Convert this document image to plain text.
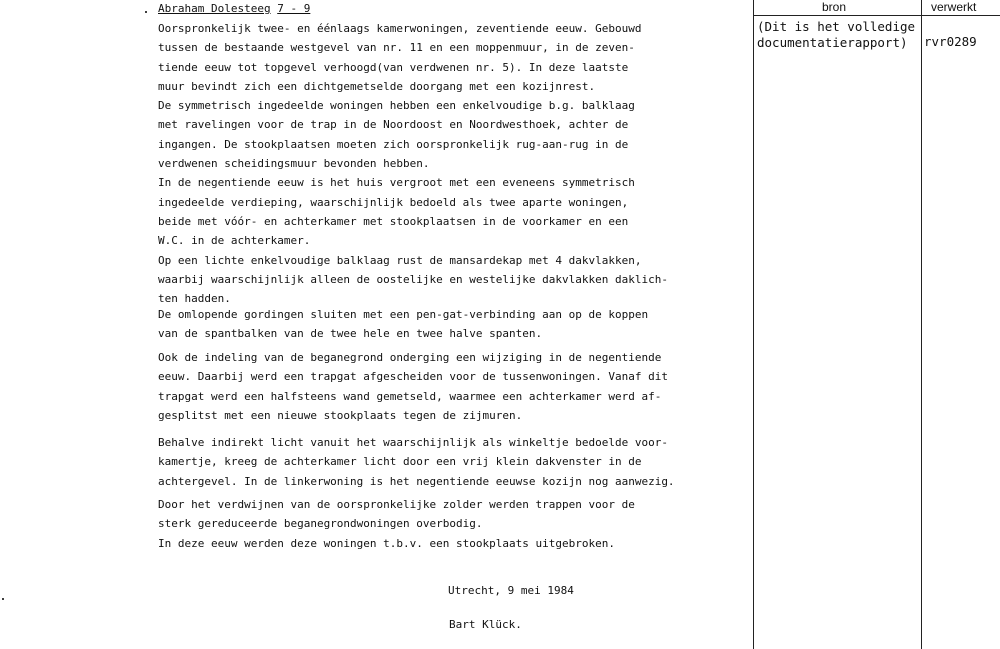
Abraham Dolesteeg 7 - 9
Oorspronkelijk twee- en éénlaags kamerwoningen, zeventiende eeuw. Gebouwd
tussen de bestaande westgevel van nr. 11 en een moppenmuur, in de zeven-
tiende eeuw tot topgevel verhoogd(van verdwenen nr. 5). In deze laatste
muur bevindt zich een dichtgemetselde doorgang met een kozijnrest.
De symmetrisch ingedeelde woningen hebben een enkelvoudige b.g. balklaag
met ravelingen voor de trap in de Noordoost en Noordwesthoek, achter de
ingangen. De stookplaatsen moeten zich oorspronkelijk rug-aan-rug in de
verdwenen scheidingsmuur bevonden hebben.
In de negentiende eeuw is het huis vergroot met een eveneens symmetrisch
ingedeelde verdieping, waarschijnlijk bedoeld als twee aparte woningen,
beide met vóór- en achterkamer met stookplaatsen in de voorkamer en een
W.C. in de achterkamer.
Op een lichte enkelvoudige balklaag rust de mansardekap met 4 dakvlakken,
waarbij waarschijnlijk alleen de oostelijke en westelijke dakvlakken daklich-
ten hadden.
De omlopende gordingen sluiten met een pen-gat-verbinding aan op de koppen
van de spantbalken van de twee hele en twee halve spanten.
Ook de indeling van de beganegrond onderging een wijziging in de negentiende
eeuw. Daarbij werd een trapgat afgescheiden voor de tussenwoningen. Vanaf dit
trapgat werd een halfsteens wand gemetseld, waarmee een achterkamer werd af-
gesplitst met een nieuwe stookplaats tegen de zijmuren.
Behalve indirekt licht vanuit het waarschijnlijk als winkeltje bedoelde voor-
kamertje, kreeg de achterkamer licht door een vrij klein dakvenster in de
achtergevel. In de linkerwoning is het negentiende eeuwse kozijn nog aanwezig.
Door het verdwijnen van de oorspronkelijke zolder werden trappen voor de
sterk gereduceerde beganegrondwoningen overbodig.
In deze eeuw werden deze woningen t.b.v. een stookplaats uitgebroken.
Utrecht, 9 mei 1984
Bart Klück.
bron	verwerkt
(Dit is het volledige
documentatierapport)	rvr0289
